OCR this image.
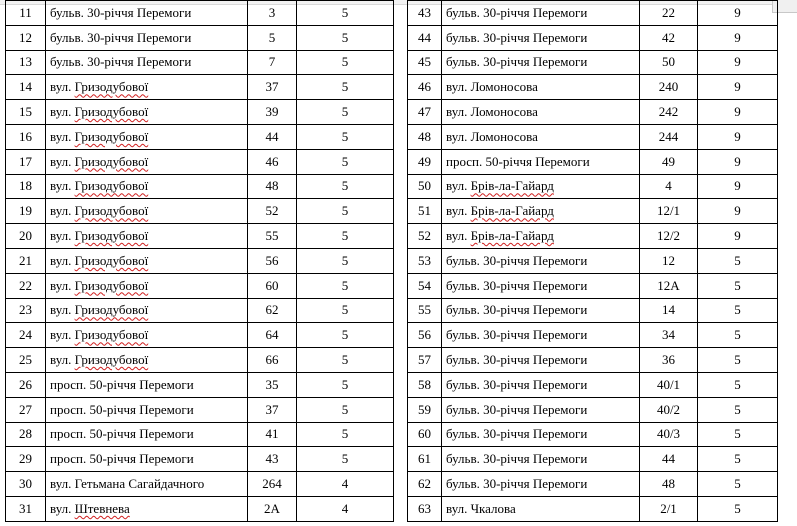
11	бульв. 30-річчя Перемоги	3	5
12	бульв. 30-річчя Перемоги	5	5
13	бульв. 30-річчя Перемоги	7	5
14	вул. Гризодубової	37	5
15	вул. Гризодубової	39	5
16	вул. Гризодубової	44	5
17	вул. Гризодубової	46	5
18	вул. Гризодубової	48	5
19	вул. Гризодубової	52	5
20	вул. Гризодубової	55	5
21	вул. Гризодубової	56	5
22	вул. Гризодубової	60	5
23	вул. Гризодубової	62	5
24	вул. Гризодубової	64	5
25	вул. Гризодубової	66	5
26	просп. 50-річчя Перемоги	35	5
27	просп. 50-річчя Перемоги	37	5
28	просп. 50-річчя Перемоги	41	5
29	просп. 50-річчя Перемоги	43	5
30	вул. Гетьмана Сагайдачного	264	4
31	вул. Штевнева	2А	4
43	бульв. 30-річчя Перемоги	22	9
44	бульв. 30-річчя Перемоги	42	9
45	бульв. 30-річчя Перемоги	50	9
46	вул. Ломоносова	240	9
47	вул. Ломоносова	242	9
48	вул. Ломоносова	244	9
49	просп. 50-річчя Перемоги	49	9
50	вул. Брів-ла-Гайард	4	9
51	вул. Брів-ла-Гайард	12/1	9
52	вул. Брів-ла-Гайард	12/2	9
53	бульв. 30-річчя Перемоги	12	5
54	бульв. 30-річчя Перемоги	12А	5
55	бульв. 30-річчя Перемоги	14	5
56	бульв. 30-річчя Перемоги	34	5
57	бульв. 30-річчя Перемоги	36	5
58	бульв. 30-річчя Перемоги	40/1	5
59	бульв. 30-річчя Перемоги	40/2	5
60	бульв. 30-річчя Перемоги	40/3	5
61	бульв. 30-річчя Перемоги	44	5
62	бульв. 30-річчя Перемоги	48	5
63	вул. Чкалова	2/1	5
